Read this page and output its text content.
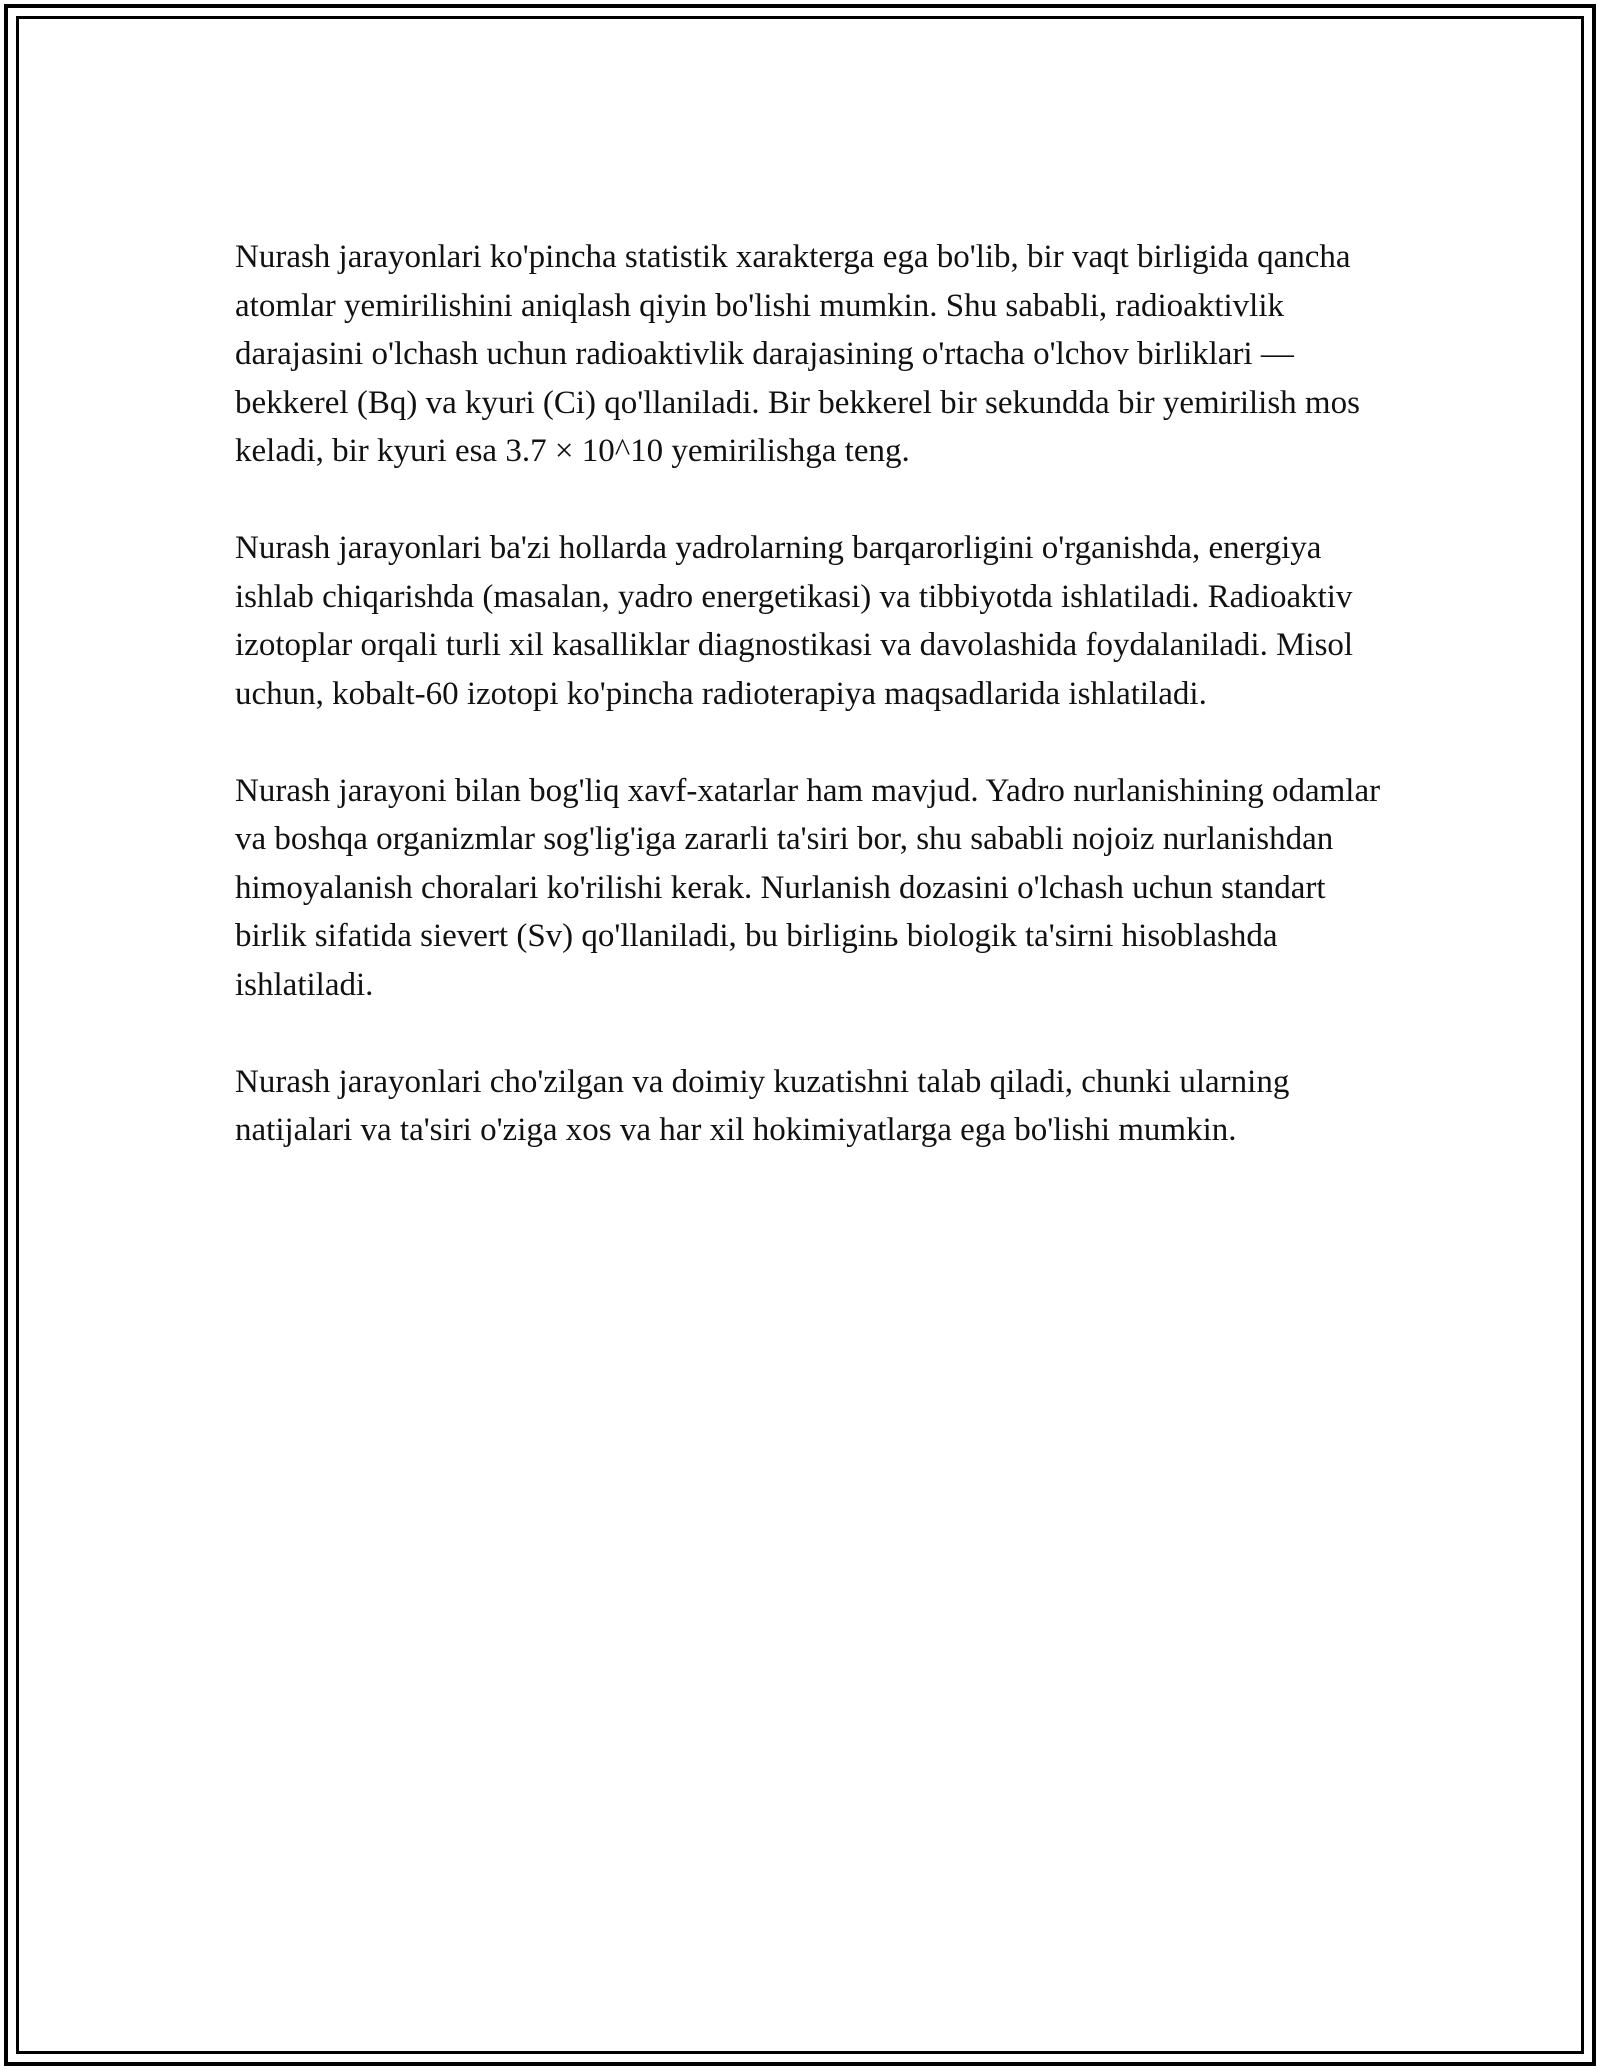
Nurash jarayonlari ko'pincha statistik xarakterga ega bo'lib, bir vaqt birligida qancha atomlar yemirilishini aniqlash qiyin bo'lishi mumkin. Shu sababli, radioaktivlik darajasini o'lchash uchun radioaktivlik darajasining o'rtacha o'lchov birliklari — bekkerel (Bq) va kyuri (Ci) qo'llaniladi. Bir bekkerel bir sekundda bir yemirilish mos keladi, bir kyuri esa 3.7 × 10^10 yemirilishga teng.

Nurash jarayonlari ba'zi hollarda yadrolarning barqarorligini o'rganishda, energiya ishlab chiqarishda (masalan, yadro energetikasi) va tibbiyotda ishlatiladi. Radioaktiv izotoplar orqali turli xil kasalliklar diagnostikasi va davolashida foydalaniladi. Misol uchun, kobalt-60 izotopi ko'pincha radioterapiya maqsadlarida ishlatiladi.

Nurash jarayoni bilan bog'liq xavf-xatarlar ham mavjud. Yadro nurlanishining odamlar va boshqa organizmlar sog'lig'iga zararli ta'siri bor, shu sababli nojoiz nurlanishdan himoyalanish choralari ko'rilishi kerak. Nurlanish dozasini o'lchash uchun standart birlik sifatida sievert (Sv) qo'llaniladi, bu birliginь biologik ta'sirni hisoblashda ishlatiladi.

Nurash jarayonlari cho'zilgan va doimiy kuzatishni talab qiladi, chunki ularning natijalari va ta'siri o'ziga xos va har xil hokimiyatlarga ega bo'lishi mumkin.
